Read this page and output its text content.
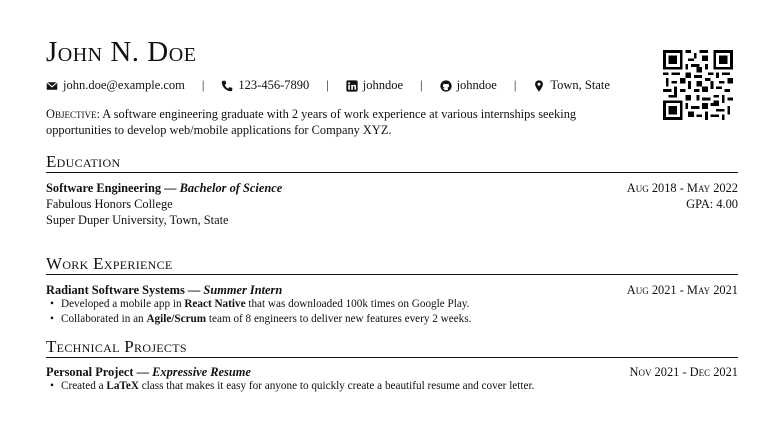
John N. Doe
john.doe@example.com |	123-456-7890 |	johndoe |	johndoe |	Town, State
Objective: A software engineering graduate with 2 years of work experience at various internships seeking opportunities to develop web/mobile applications for Company XYZ.
Education
Software Engineering — Bachelor of Science	Aug 2018 - May 2022
Fabulous Honors College	GPA: 4.00
Super Duper University, Town, State
Work Experience
Radiant Software Systems — Summer Intern	Aug 2021 - May 2021
• Developed a mobile app in React Native that was downloaded 100k times on Google Play.
• Collaborated in an Agile/Scrum team of 8 engineers to deliver new features every 2 weeks.
Technical Projects
Personal Project — Expressive Resume	Nov 2021 - Dec 2021
• Created a LaTeX class that makes it easy for anyone to quickly create a beautiful resume and cover letter.
